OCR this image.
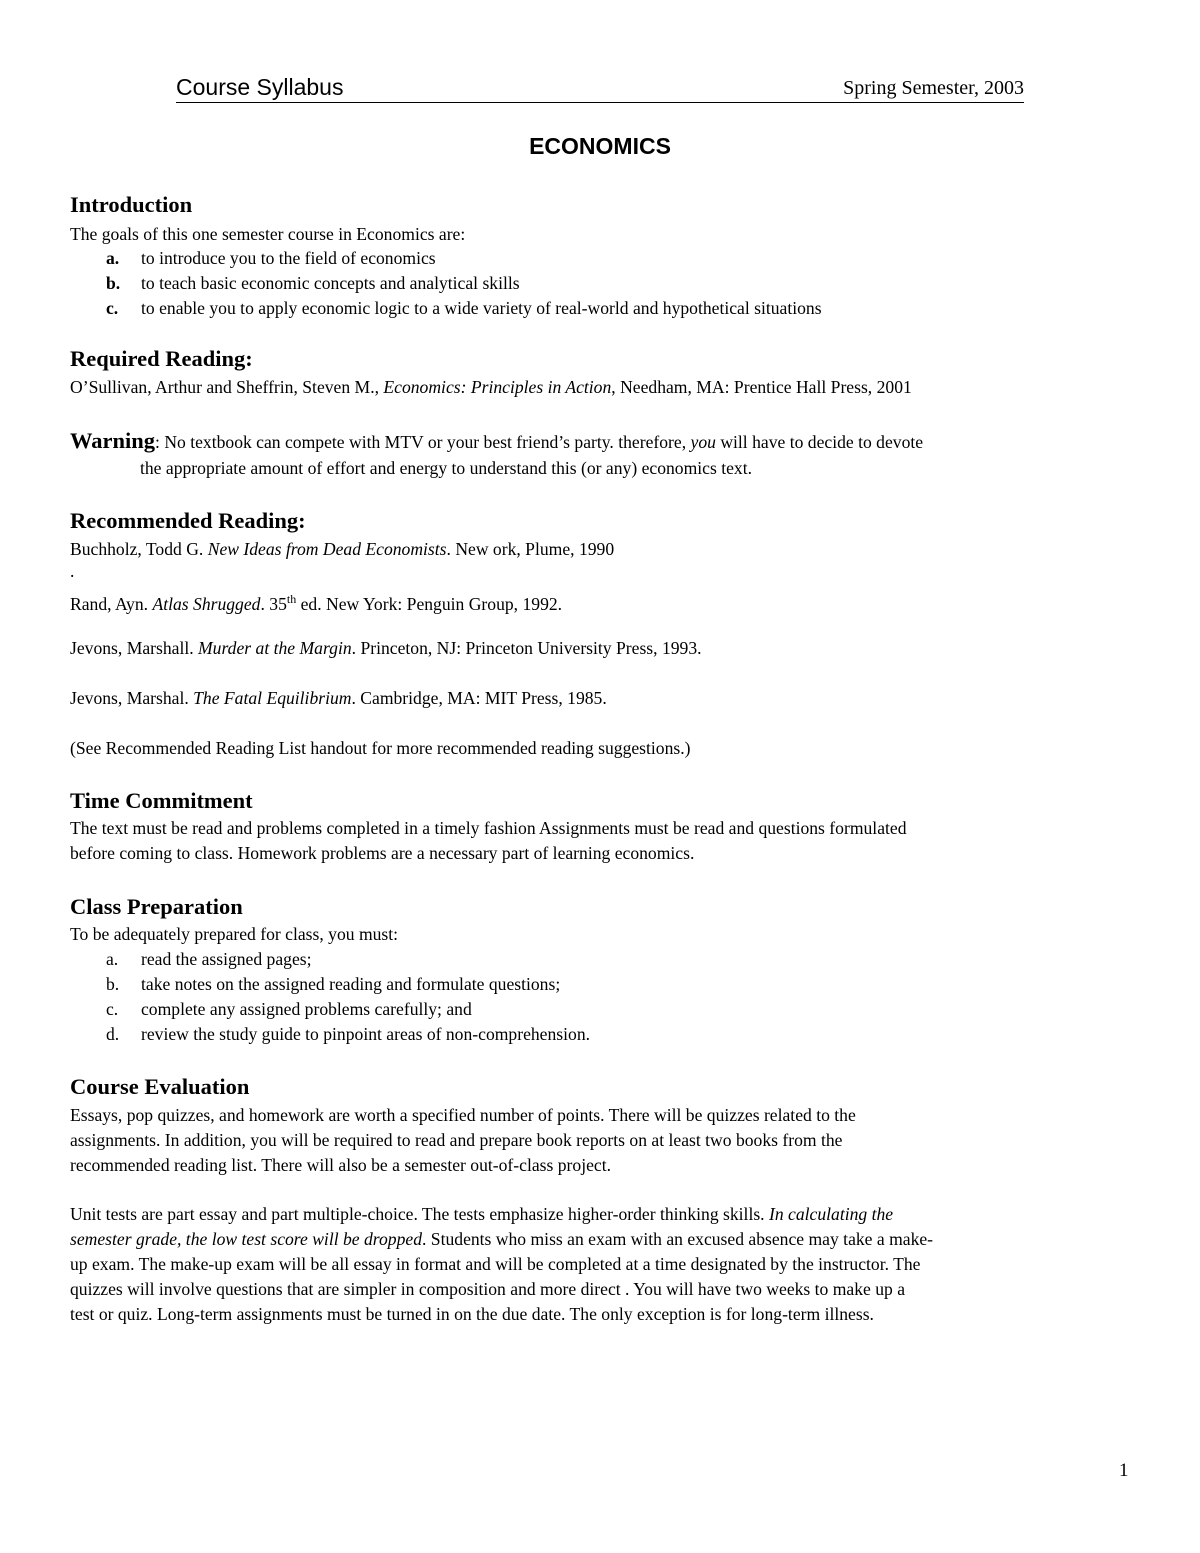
Course Syllabus	Spring Semester, 2003
ECONOMICS
Introduction
The goals of this one semester course in Economics are:
a. to introduce you to the field of economics
b. to teach basic economic concepts and analytical skills
c. to enable you to apply economic logic to a wide variety of real-world and hypothetical situations
Required Reading:
O’Sullivan, Arthur and Sheffrin, Steven M., Economics: Principles in Action, Needham, MA: Prentice Hall Press, 2001
Warning: No textbook can compete with MTV or your best friend’s party. therefore, you will have to decide to devote
the appropriate amount of effort and energy to understand this (or any) economics text.
Recommended Reading:
Buchholz, Todd G. New Ideas from Dead Economists. New ork, Plume, 1990
.
Rand, Ayn. Atlas Shrugged. 35th ed. New York: Penguin Group, 1992.
Jevons, Marshall. Murder at the Margin. Princeton, NJ: Princeton University Press, 1993.
Jevons, Marshal. The Fatal Equilibrium. Cambridge, MA: MIT Press, 1985.
(See Recommended Reading List handout for more recommended reading suggestions.)
Time Commitment
The text must be read and problems completed in a timely fashion Assignments must be read and questions formulated
before coming to class. Homework problems are a necessary part of learning economics.
Class Preparation
To be adequately prepared for class, you must:
a. read the assigned pages;
b. take notes on the assigned reading and formulate questions;
c. complete any assigned problems carefully; and
d. review the study guide to pinpoint areas of non-comprehension.
Course Evaluation
Essays, pop quizzes, and homework are worth a specified number of points. There will be quizzes related to the
assignments. In addition, you will be required to read and prepare book reports on at least two books from the
recommended reading list. There will also be a semester out-of-class project.
Unit tests are part essay and part multiple-choice. The tests emphasize higher-order thinking skills. In calculating the
semester grade, the low test score will be dropped. Students who miss an exam with an excused absence may take a make-
up exam. The make-up exam will be all essay in format and will be completed at a time designated by the instructor. The
quizzes will involve questions that are simpler in composition and more direct . You will have two weeks to make up a
test or quiz. Long-term assignments must be turned in on the due date. The only exception is for long-term illness.
1
